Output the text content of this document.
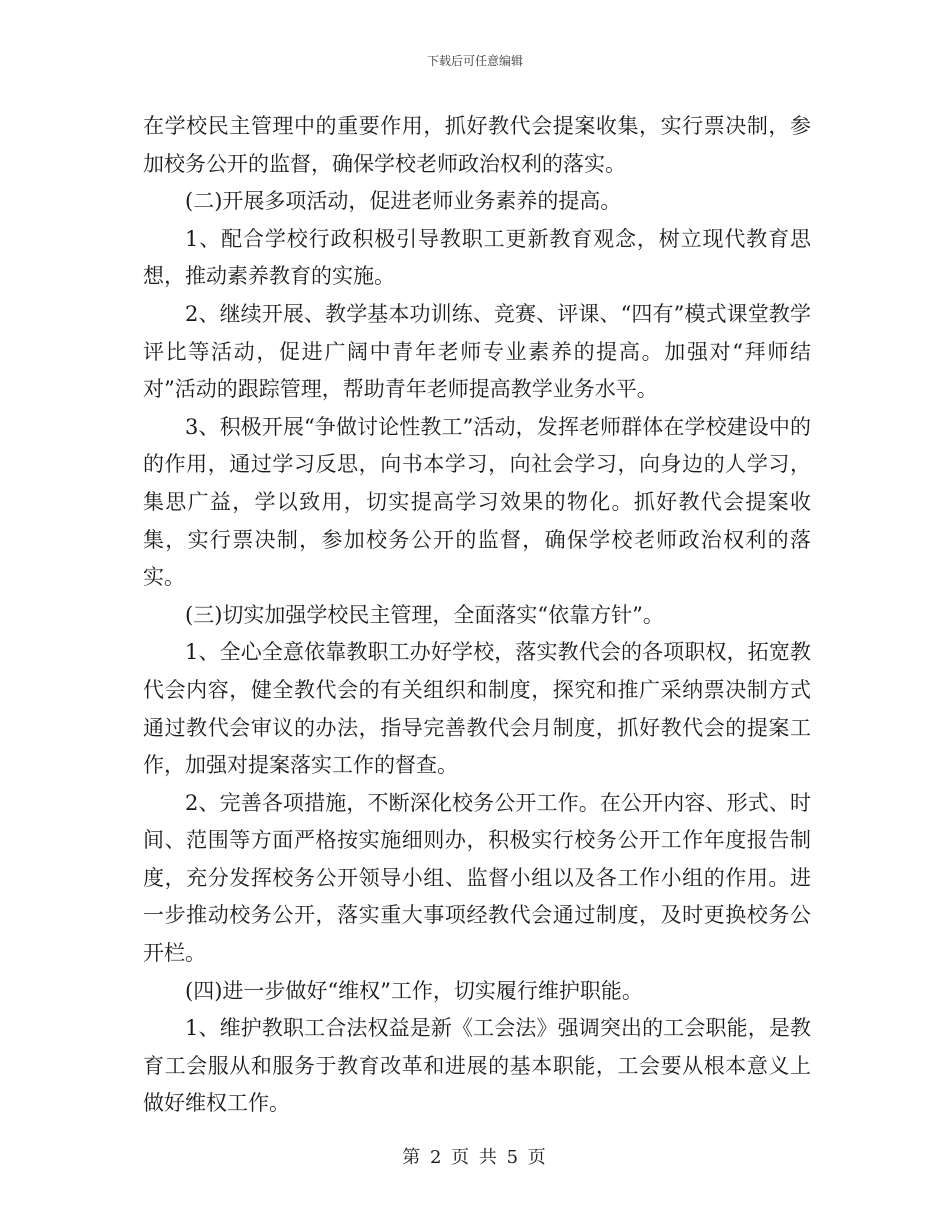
下载后可任意编辑

在学校民主管理中的重要作用，抓好教代会提案收集，实行票决制，参加校务公开的监督，确保学校老师政治权利的落实。

(二)开展多项活动，促进老师业务素养的提高。

1、配合学校行政积极引导教职工更新教育观念，树立现代教育思想，推动素养教育的实施。

2、继续开展、教学基本功训练、竞赛、评课、“四有”模式课堂教学评比等活动，促进广阔中青年老师专业素养的提高。加强对“拜师结对”活动的跟踪管理，帮助青年老师提高教学业务水平。

3、积极开展“争做讨论性教工”活动，发挥老师群体在学校建设中的的作用，通过学习反思，向书本学习，向社会学习，向身边的人学习，集思广益，学以致用，切实提高学习效果的物化。抓好教代会提案收集，实行票决制，参加校务公开的监督，确保学校老师政治权利的落实。

(三)切实加强学校民主管理，全面落实“依靠方针”。

1、全心全意依靠教职工办好学校，落实教代会的各项职权，拓宽教代会内容，健全教代会的有关组织和制度，探究和推广采纳票决制方式通过教代会审议的办法，指导完善教代会月制度，抓好教代会的提案工作，加强对提案落实工作的督查。

2、完善各项措施，不断深化校务公开工作。在公开内容、形式、时间、范围等方面严格按实施细则办，积极实行校务公开工作年度报告制度，充分发挥校务公开领导小组、监督小组以及各工作小组的作用。进一步推动校务公开，落实重大事项经教代会通过制度，及时更换校务公开栏。

(四)进一步做好“维权”工作，切实履行维护职能。

1、维护教职工合法权益是新《工会法》强调突出的工会职能，是教育工会服从和服务于教育改革和进展的基本职能，工会要从根本意义上做好维权工作。

第 2 页 共 5 页
